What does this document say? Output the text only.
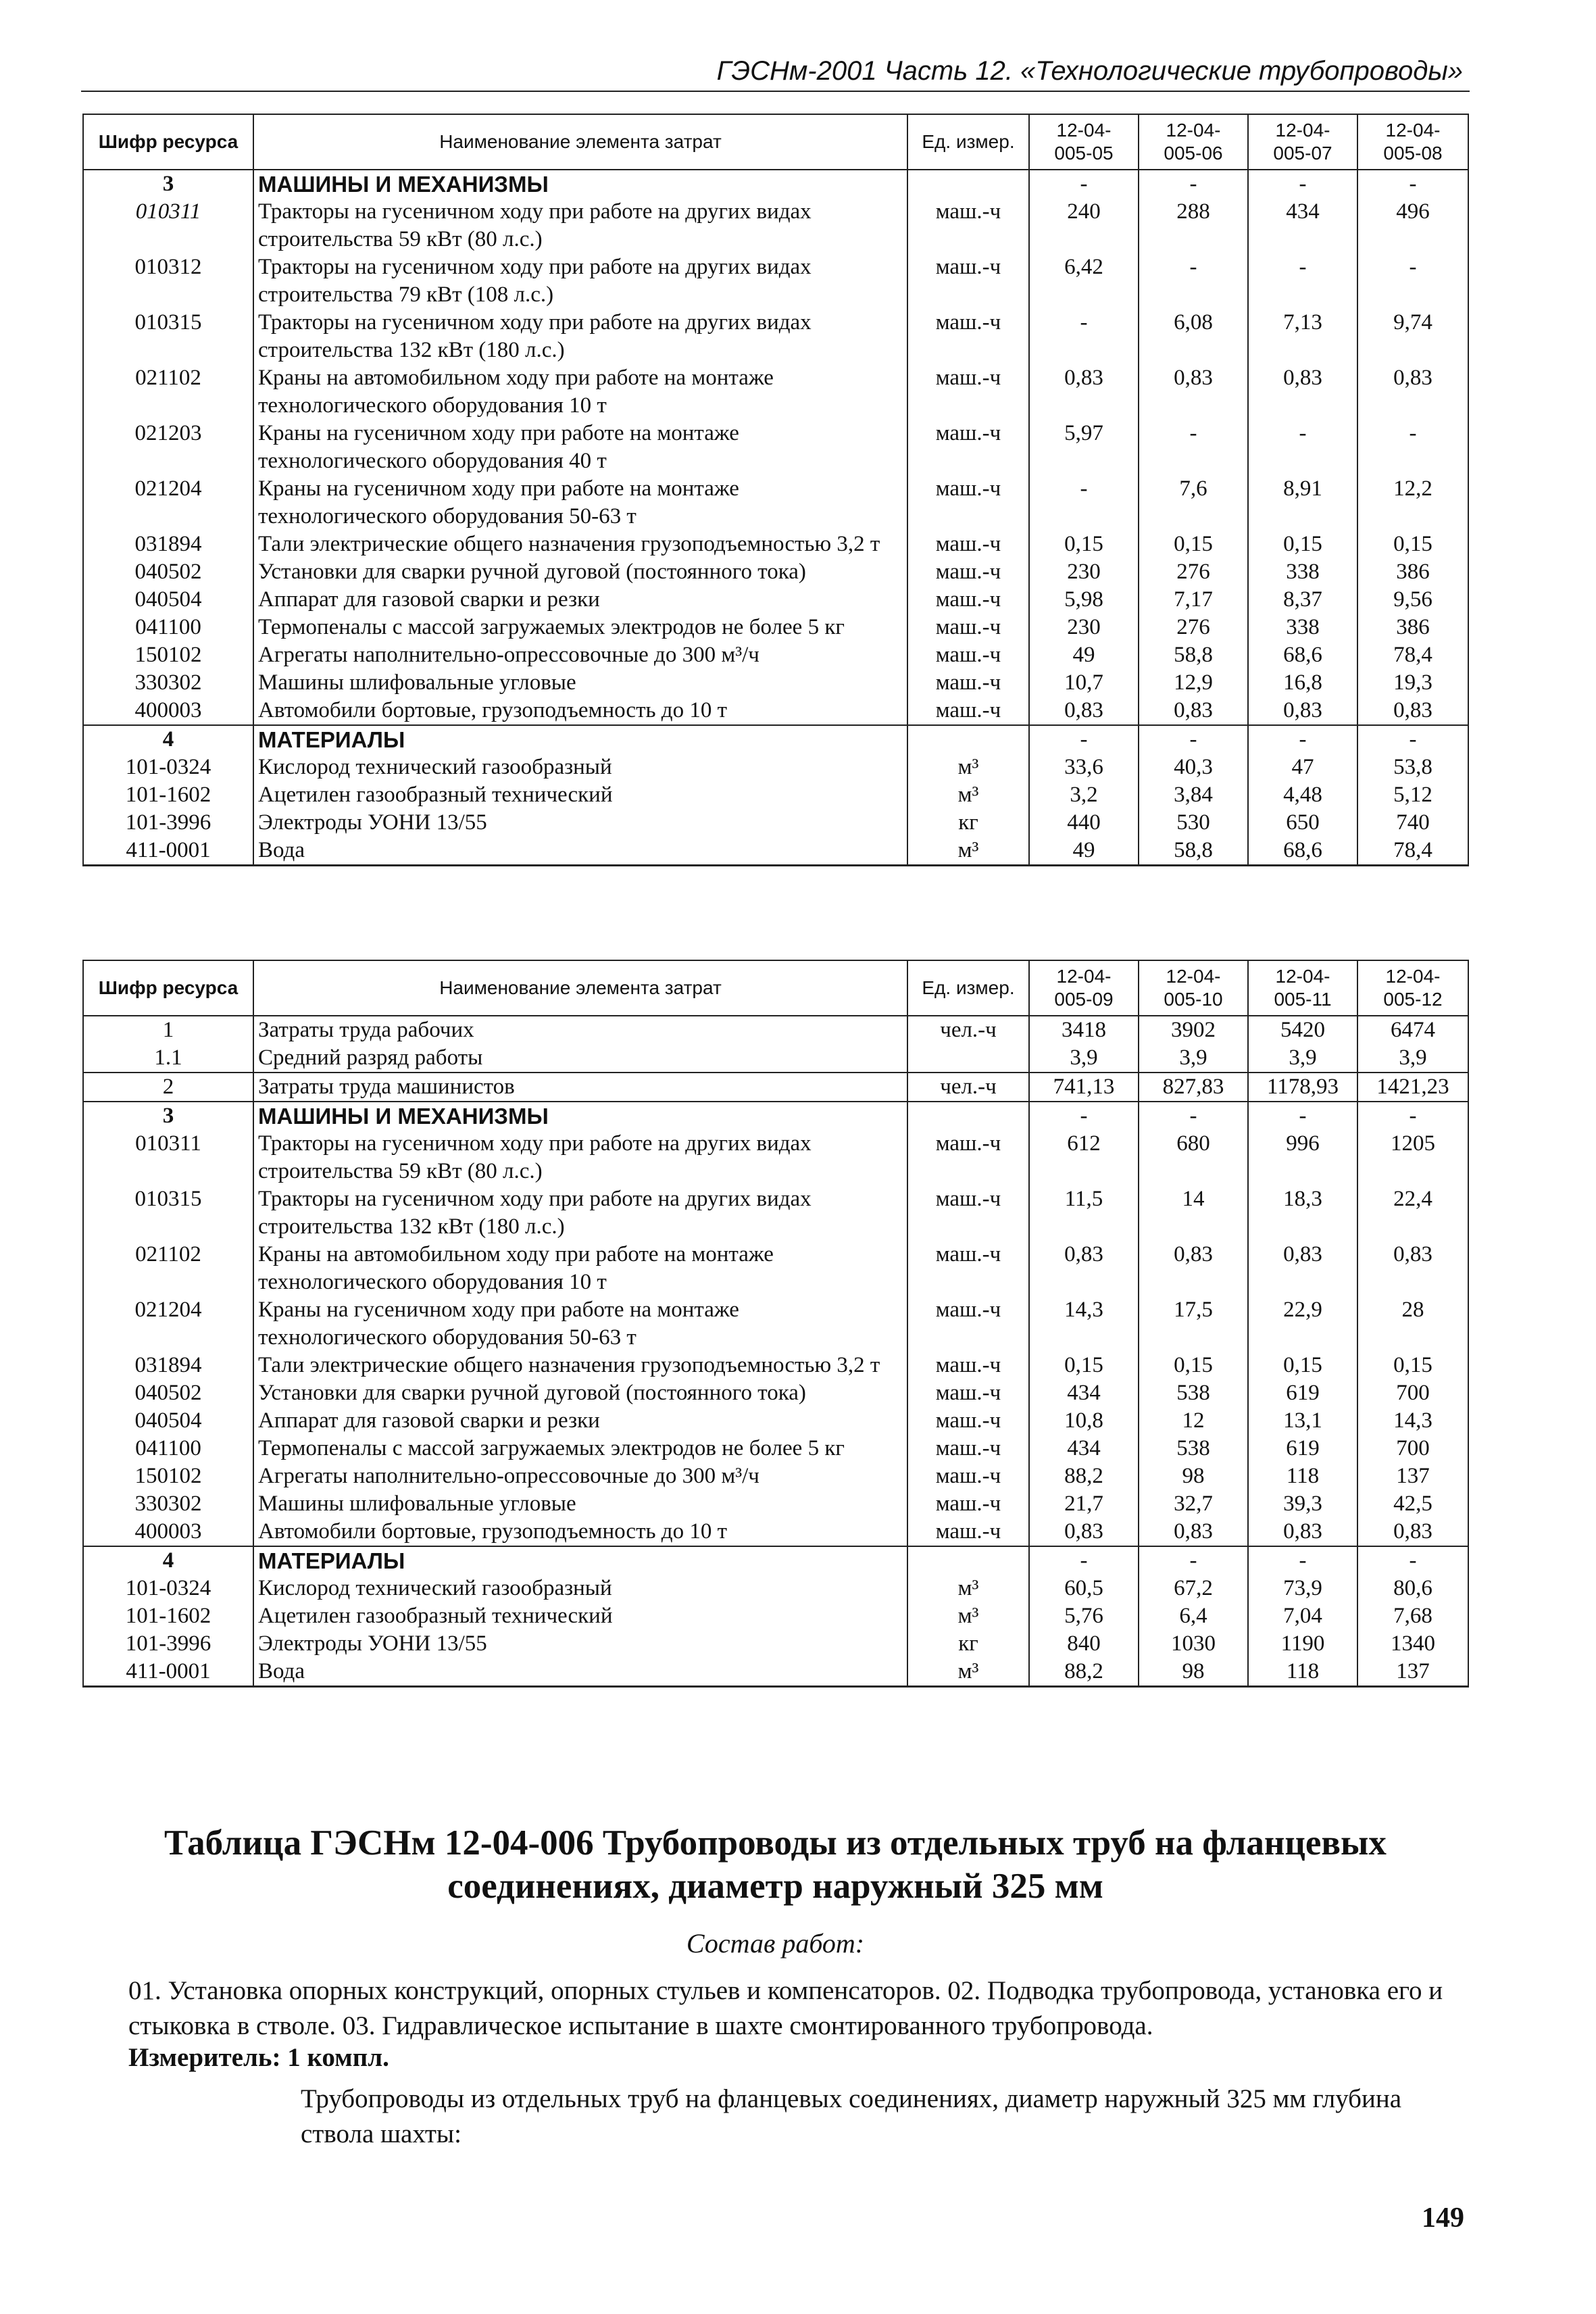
ГЭСНм-2001 Часть 12. «Технологические трубопроводы»
Шифр ресурса	Наименование элемента затрат	Ед. измер.	12-04-
005-05	12-04-
005-06	12-04-
005-07	12-04-
005-08

3	МАШИНЫ И МЕХАНИЗМЫ		-	-	-	-
010311	Тракторы на гусеничном ходу при работе на других видах строительства 59 кВт (80 л.с.)	маш.-ч	240	288	434	496
010312	Тракторы на гусеничном ходу при работе на других видах строительства 79 кВт (108 л.с.)	маш.-ч	6,42	-	-	-
010315	Тракторы на гусеничном ходу при работе на других видах строительства 132 кВт (180 л.с.)	маш.-ч	-	6,08	7,13	9,74
021102	Краны на автомобильном ходу при работе на монтаже технологического оборудования 10 т	маш.-ч	0,83	0,83	0,83	0,83
021203	Краны на гусеничном ходу при работе на монтаже технологического оборудования 40 т	маш.-ч	5,97	-	-	-
021204	Краны на гусеничном ходу при работе на монтаже технологического оборудования 50-63 т	маш.-ч	-	7,6	8,91	12,2
031894	Тали электрические общего назначения грузоподъемностью 3,2 т	маш.-ч	0,15	0,15	0,15	0,15
040502	Установки для сварки ручной дуговой (постоянного тока)	маш.-ч	230	276	338	386
040504	Аппарат для газовой сварки и резки	маш.-ч	5,98	7,17	8,37	9,56
041100	Термопеналы с массой загружаемых электродов не более 5 кг	маш.-ч	230	276	338	386
150102	Агрегаты наполнительно-опрессовочные до 300 м³/ч	маш.-ч	49	58,8	68,6	78,4
330302	Машины шлифовальные угловые	маш.-ч	10,7	12,9	16,8	19,3
400003	Автомобили бортовые, грузоподъемность до 10 т	маш.-ч	0,83	0,83	0,83	0,83
4	МАТЕРИАЛЫ		-	-	-	-
101-0324	Кислород технический газообразный	м³	33,6	40,3	47	53,8
101-1602	Ацетилен газообразный технический	м³	3,2	3,84	4,48	5,12
101-3996	Электроды УОНИ 13/55	кг	440	530	650	740
411-0001	Вода	м³	49	58,8	68,6	78,4
Шифр ресурса	Наименование элемента затрат	Ед. измер.	12-04-
005-09	12-04-
005-10	12-04-
005-11	12-04-
005-12

1	Затраты труда рабочих	чел.-ч	3418	3902	5420	6474
1.1	Средний разряд работы		3,9	3,9	3,9	3,9
2	Затраты труда машинистов	чел.-ч	741,13	827,83	1178,93	1421,23
3	МАШИНЫ И МЕХАНИЗМЫ		-	-	-	-
010311	Тракторы на гусеничном ходу при работе на других видах строительства 59 кВт (80 л.с.)	маш.-ч	612	680	996	1205
010315	Тракторы на гусеничном ходу при работе на других видах строительства 132 кВт (180 л.с.)	маш.-ч	11,5	14	18,3	22,4
021102	Краны на автомобильном ходу при работе на монтаже технологического оборудования 10 т	маш.-ч	0,83	0,83	0,83	0,83
021204	Краны на гусеничном ходу при работе на монтаже технологического оборудования 50-63 т	маш.-ч	14,3	17,5	22,9	28
031894	Тали электрические общего назначения грузоподъемностью 3,2 т	маш.-ч	0,15	0,15	0,15	0,15
040502	Установки для сварки ручной дуговой (постоянного тока)	маш.-ч	434	538	619	700
040504	Аппарат для газовой сварки и резки	маш.-ч	10,8	12	13,1	14,3
041100	Термопеналы с массой загружаемых электродов не более 5 кг	маш.-ч	434	538	619	700
150102	Агрегаты наполнительно-опрессовочные до 300 м³/ч	маш.-ч	88,2	98	118	137
330302	Машины шлифовальные угловые	маш.-ч	21,7	32,7	39,3	42,5
400003	Автомобили бортовые, грузоподъемность до 10 т	маш.-ч	0,83	0,83	0,83	0,83
4	МАТЕРИАЛЫ		-	-	-	-
101-0324	Кислород технический газообразный	м³	60,5	67,2	73,9	80,6
101-1602	Ацетилен газообразный технический	м³	5,76	6,4	7,04	7,68
101-3996	Электроды УОНИ 13/55	кг	840	1030	1190	1340
411-0001	Вода	м³	88,2	98	118	137
Таблица ГЭСНм 12-04-006 Трубопроводы из отдельных труб на фланцевых соединениях, диаметр наружный 325 мм
Состав работ:
01. Установка опорных конструкций, опорных стульев и компенсаторов. 02. Подводка трубопровода, установка его и стыковка в стволе. 03. Гидравлическое испытание в шахте смонтированного трубопровода.
Измеритель: 1 компл.
Трубопроводы из отдельных труб на фланцевых соединениях, диаметр наружный 325 мм глубина ствола шахты:
149
